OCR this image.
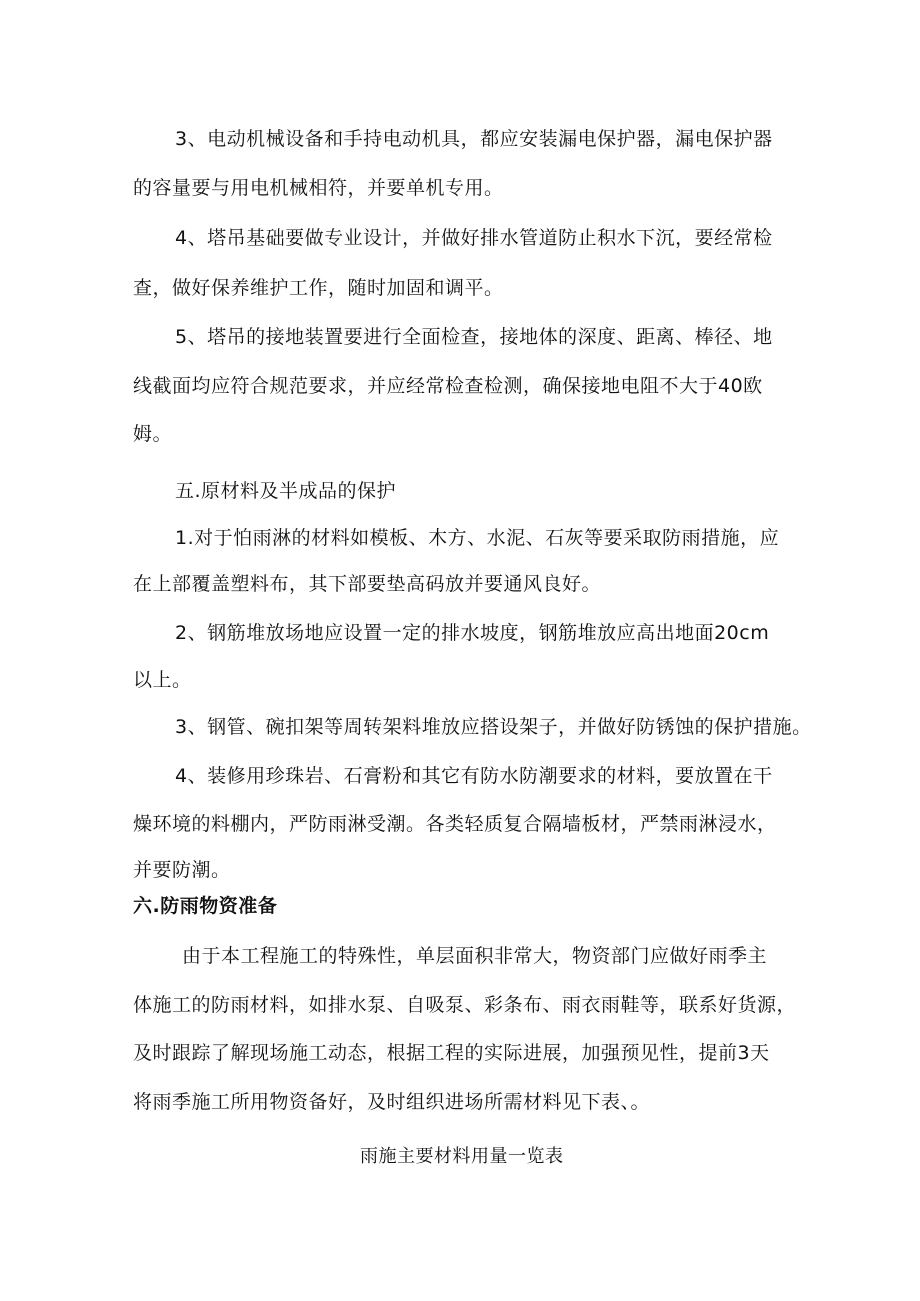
3、电动机械设备和手持电动机具，都应安装漏电保护器，漏电保护器
的容量要与用电机械相符，并要单机专用。
4、塔吊基础要做专业设计，并做好排水管道防止积水下沉，要经常检
查，做好保养维护工作，随时加固和调平。
5、塔吊的接地装置要进行全面检查，接地体的深度、距离、棒径、地
线截面均应符合规范要求，并应经常检查检测，确保接地电阻不大于40欧
姆。
五.原材料及半成品的保护
1.对于怕雨淋的材料如模板、木方、水泥、石灰等要采取防雨措施，应
在上部覆盖塑料布，其下部要垫高码放并要通风良好。
2、钢筋堆放场地应设置一定的排水坡度，钢筋堆放应高出地面20cm
以上。
3、钢管、碗扣架等周转架料堆放应搭设架子，并做好防锈蚀的保护措施。
4、装修用珍珠岩、石膏粉和其它有防水防潮要求的材料，要放置在干
燥环境的料棚内，严防雨淋受潮。各类轻质复合隔墙板材，严禁雨淋浸水，
并要防潮。
六.防雨物资准备
由于本工程施工的特殊性，单层面积非常大，物资部门应做好雨季主
体施工的防雨材料，如排水泵、自吸泵、彩条布、雨衣雨鞋等，联系好货源，
及时跟踪了解现场施工动态，根据工程的实际进展，加强预见性，提前3天
将雨季施工所用物资备好，及时组织进场所需材料见下表、。
雨施主要材料用量一览表
